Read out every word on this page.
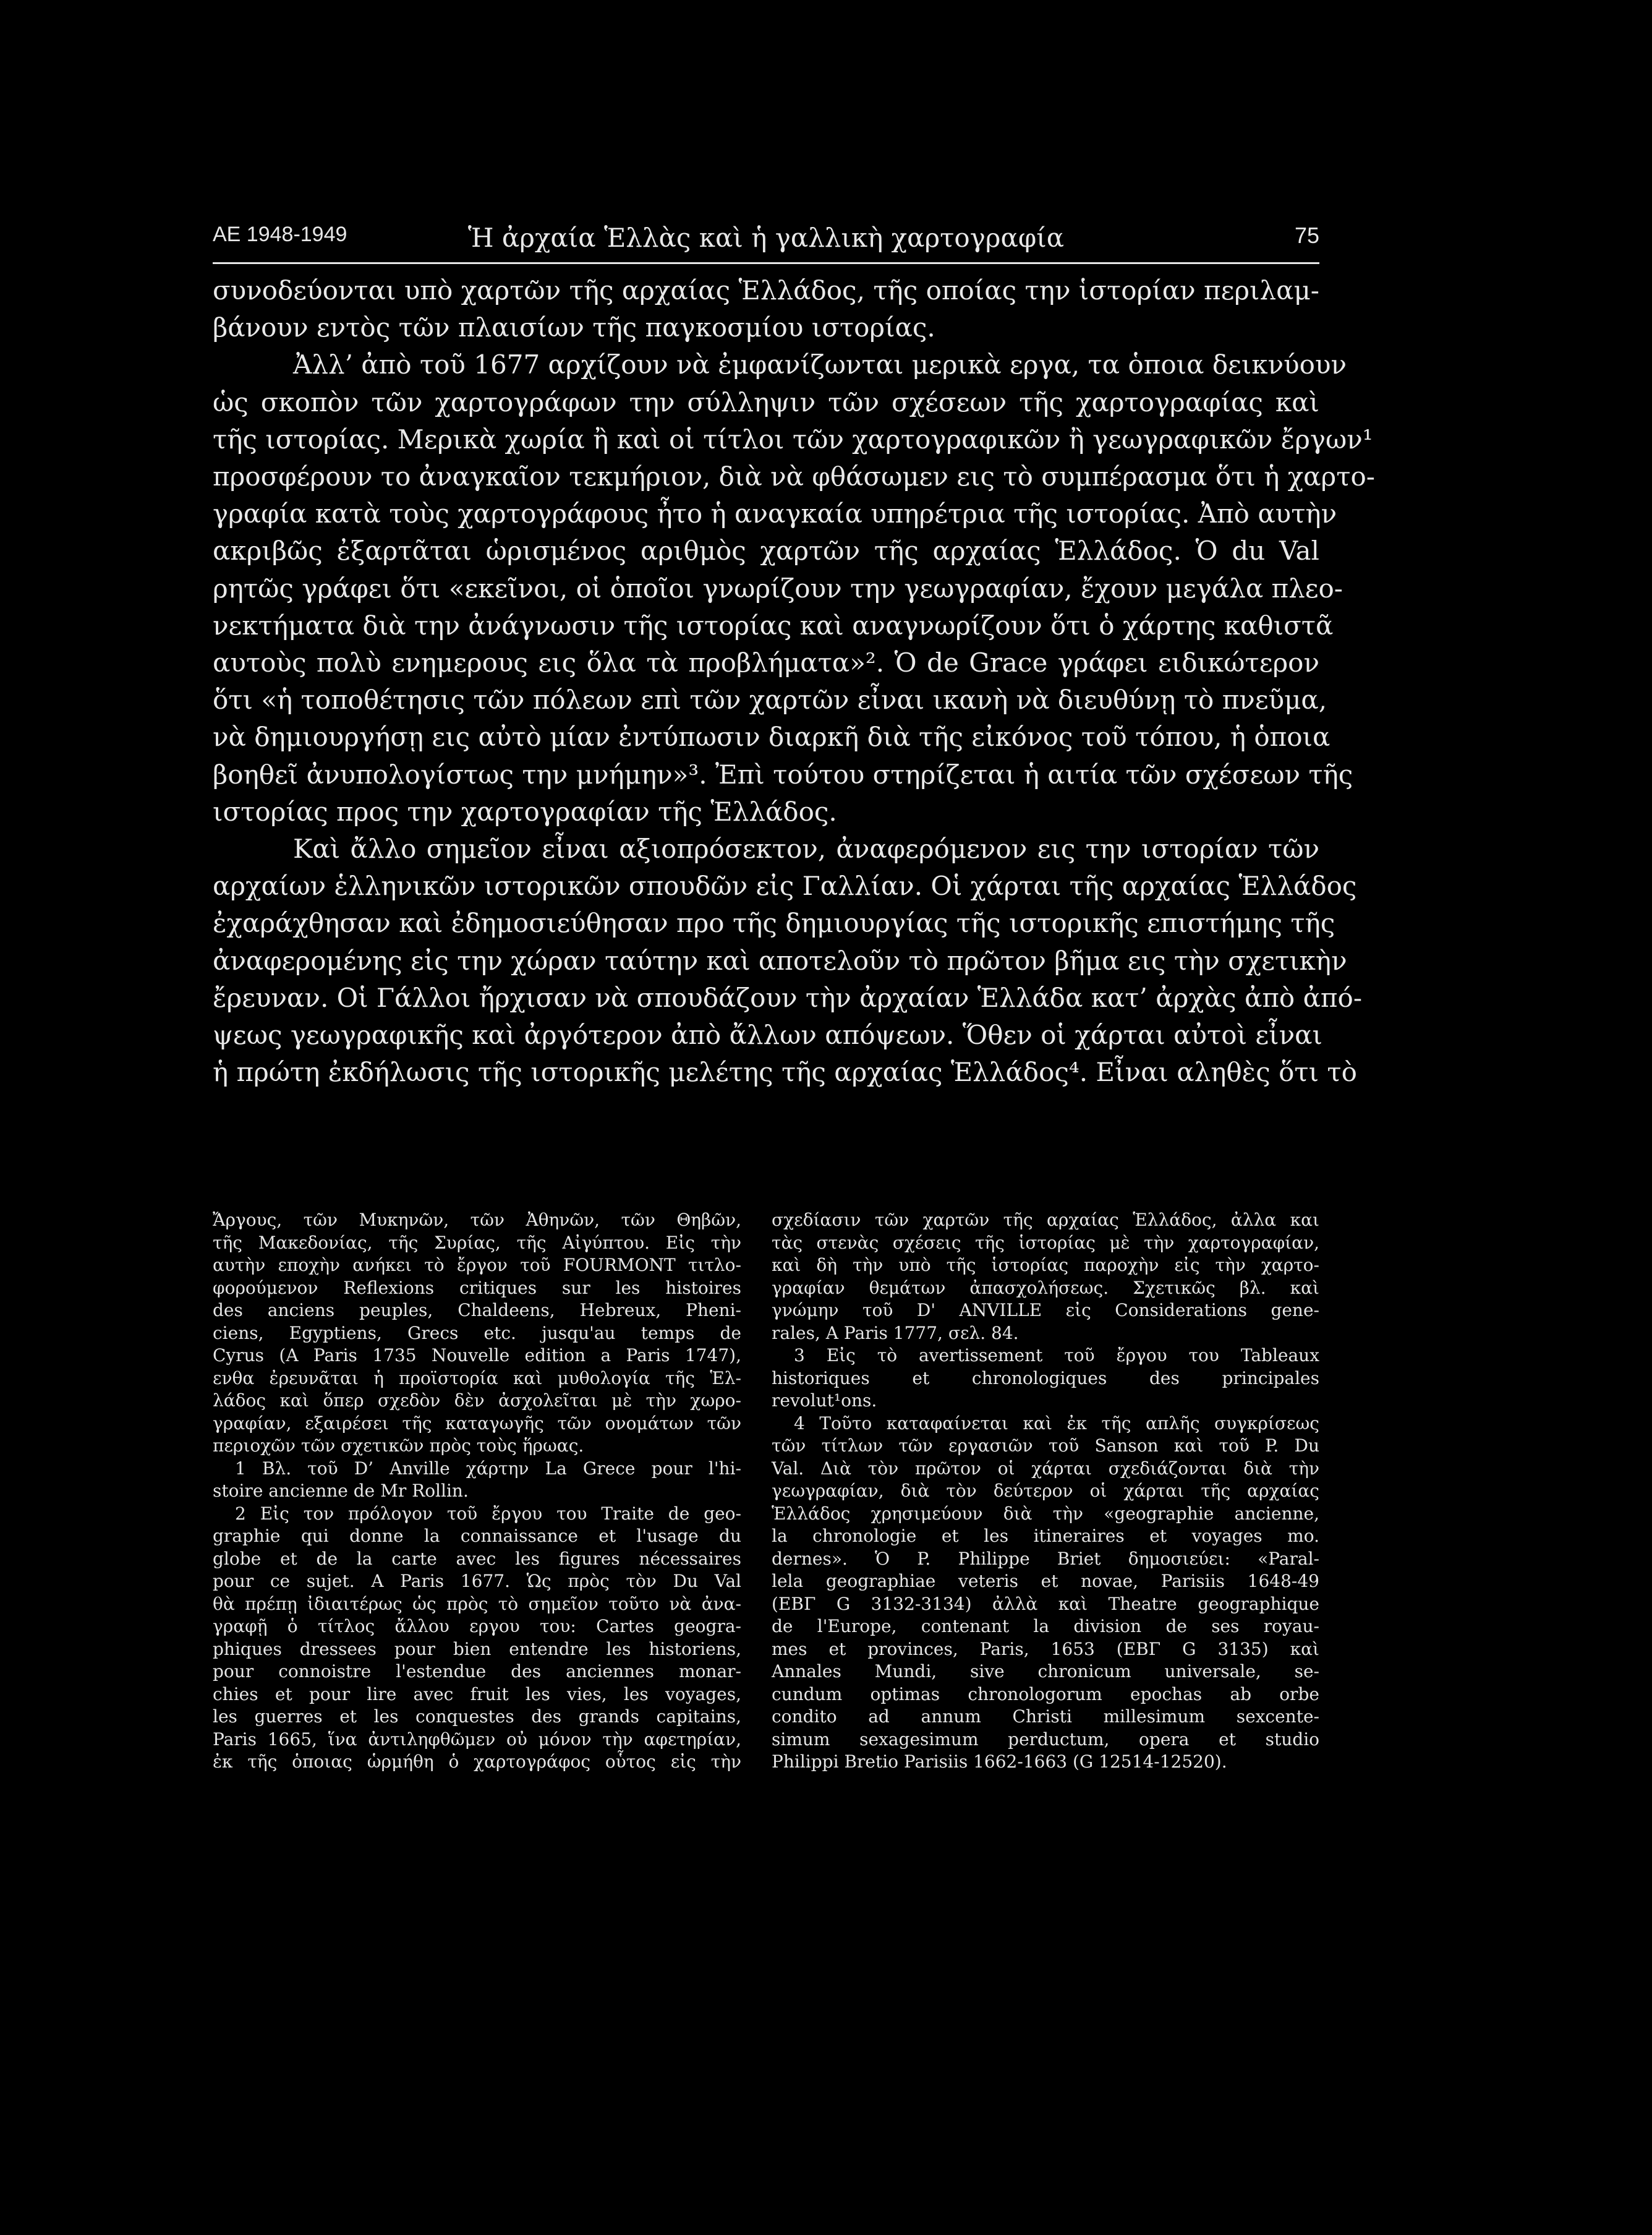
ΑΕ 1948-1949	Ἡ ἀρχαία Ἑλλὰς καὶ ἡ γαλλικὴ χαρτογραφία	75
συνοδεύονται υπὸ χαρτῶν τῆς αρχαίας Ἑλλάδος, τῆς οποίας την ἱστορίαν περιλαμ-
βάνουν εντὸς τῶν πλαισίων τῆς παγκοσμίου ιστορίας.
Ἀλλ’ ἀπὸ τοῦ 1677 αρχίζουν νὰ ἐμφανίζωνται μερικὰ εργα, τα ὁποια δεικνύουν
ὡς σκοπὸν τῶν χαρτογράφων την σύλληψιν τῶν σχέσεων τῆς χαρτογραφίας καὶ
τῆς ιστορίας. Μερικὰ χωρία ἢ καὶ οἱ τίτλοι τῶν χαρτογραφικῶν ἢ γεωγραφικῶν ἔργων¹
προσφέρουν το ἀναγκαῖον τεκμήριον, διὰ νὰ φθάσωμεν εις τὸ συμπέρασμα ὅτι ἡ χαρτο-
γραφία κατὰ τοὺς χαρτογράφους ἦτο ἡ αναγκαία υπηρέτρια τῆς ιστορίας. Ἀπὸ αυτὴν
ακριβῶς ἐξαρτᾶται ὡρισμένος αριθμὸς χαρτῶν τῆς αρχαίας Ἑλλάδος. Ὁ du Val
ρητῶς γράφει ὅτι «εκεῖνοι, οἱ ὁποῖοι γνωρίζουν την γεωγραφίαν, ἔχουν μεγάλα πλεο-
νεκτήματα διὰ την ἀνάγνωσιν τῆς ιστορίας καὶ αναγνωρίζουν ὅτι ὁ χάρτης καθιστᾶ
αυτοὺς πολὺ ενημερους εις ὅλα τὰ προβλήματα»². Ὁ de Grace γράφει ειδικώτερον
ὅτι «ἡ τοποθέτησις τῶν πόλεων επὶ τῶν χαρτῶν εἶναι ικανὴ νὰ διευθύνῃ τὸ πνεῦμα,
νὰ δημιουργήσῃ εις αὐτὸ μίαν ἐντύπωσιν διαρκῆ διὰ τῆς εἰκόνος τοῦ τόπου, ἡ ὁποια
βοηθεῖ ἀνυπολογίστως την μνήμην»³. Ἐπὶ τούτου στηρίζεται ἡ αιτία τῶν σχέσεων τῆς
ιστορίας προς την χαρτογραφίαν τῆς Ἑλλάδος.
Καὶ ἄλλο σημεῖον εἶναι αξιοπρόσεκτον, ἀναφερόμενον εις την ιστορίαν τῶν
αρχαίων ἑλληνικῶν ιστορικῶν σπουδῶν εἰς Γαλλίαν. Οἱ χάρται τῆς αρχαίας Ἑλλάδος
ἐχαράχθησαν καὶ ἐδημοσιεύθησαν προ τῆς δημιουργίας τῆς ιστορικῆς επιστήμης τῆς
ἀναφερομένης εἰς την χώραν ταύτην καὶ αποτελοῦν τὸ πρῶτον βῆμα εις τὴν σχετικὴν
ἔρευναν. Οἱ Γάλλοι ἤρχισαν νὰ σπουδάζουν τὴν ἀρχαίαν Ἑλλάδα κατ’ ἀρχὰς ἀπὸ ἀπό-
ψεως γεωγραφικῆς καὶ ἀργότερον ἀπὸ ἄλλων απόψεων. Ὅθεν οἱ χάρται αὐτοὶ εἶναι
ἡ πρώτη ἐκδήλωσις τῆς ιστορικῆς μελέτης τῆς αρχαίας Ἑλλάδος⁴. Εἶναι αληθὲς ὅτι τὸ
Ἄργους, τῶν Μυκηνῶν, τῶν Ἀθηνῶν, τῶν Θηβῶν,
τῆς Μακεδονίας, τῆς Συρίας, τῆς Αἰγύπτου. Εἰς τὴν
αυτὴν εποχὴν ανήκει τὸ ἔργον τοῦ FOURMONT τιτλο-
φορούμενον Reflexions critiques sur les histoires
des anciens peuples, Chaldeens, Hebreux, Pheni-
ciens, Egyptiens, Grecs etc. jusqu'au temps de
Cyrus (A Paris 1735 Nouvelle edition a Paris 1747),
ενθα ἐρευνᾶται ἡ προϊστορία καὶ μυθολογία τῆς Ἑλ-
λάδος καὶ ὅπερ σχεδὸν δὲν ἀσχολεῖται μὲ τὴν χωρο-
γραφίαν, εξαιρέσει τῆς καταγωγῆς τῶν ονομάτων τῶν
περιοχῶν τῶν σχετικῶν πρὸς τοὺς ἥρωας.
1 Βλ. τοῦ D’ Anville χάρτην La Grece pour l'hi-
stoire ancienne de Mr Rollin.
2 Εἰς τον πρόλογον τοῦ ἔργου του Traite de geo-
graphie qui donne la connaissance et l'usage du
globe et de la carte avec les figures nécessaires
pour ce sujet. A Paris 1677. Ὡς πρὸς τὸν Du Val
θὰ πρέπῃ ἰδιαιτέρως ὡς πρὸς τὸ σημεῖον τοῦτο νὰ ἀνα-
γραφῇ ὁ τίτλος ἄλλου εργου του: Cartes geogra-
phiques dressees pour bien entendre les historiens,
pour connoistre l'estendue des anciennes monar-
chies et pour lire avec fruit les vies, les voyages,
les guerres et les conquestes des grands capitains,
Paris 1665, ἵνα ἀντιληφθῶμεν οὐ μόνον τὴν αφετηρίαν,
ἐκ τῆς ὁποιας ὡρμήθη ὁ χαρτογράφος οὗτος εἰς τὴν
σχεδίασιν τῶν χαρτῶν τῆς αρχαίας Ἑλλάδος, ἀλλα και
τὰς στενὰς σχέσεις τῆς ἱστορίας μὲ τὴν χαρτογραφίαν,
καὶ δὴ τὴν υπὸ τῆς ἱστορίας παροχὴν εἰς τὴν χαρτο-
γραφίαν θεμάτων ἀπασχολήσεως. Σχετικῶς βλ. καὶ
γνώμην τοῦ D' ANVILLE εἰς Considerations gene-
rales, A Paris 1777, σελ. 84.
3 Εἰς τὸ avertissement τοῦ ἔργου του Tableaux
historiques et chronologiques des principales
revolut¹ons.
4 Τοῦτο καταφαίνεται καὶ ἐκ τῆς απλῆς συγκρίσεως
τῶν τίτλων τῶν εργασιῶν τοῦ Sanson καὶ τοῦ P. Du
Val. Διὰ τὸν πρῶτον οἱ χάρται σχεδιάζονται διὰ τὴν
γεωγραφίαν, διὰ τὸν δεύτερον οἱ χάρται τῆς αρχαίας
Ἑλλάδος χρησιμεύουν διὰ τὴν «geographie ancienne,
la chronologie et les itineraires et voyages mo.
dernes». Ὁ P. Philippe Briet δημοσιεύει: «Paral-
lela geographiae veteris et novae, Parisiis 1648-49
(ΕΒΓ G 3132-3134) ἀλλὰ καὶ Theatre geographique
de l'Europe, contenant la division de ses royau-
mes et provinces, Paris, 1653 (ΕΒΓ G 3135) καὶ
Annales Mundi, sive chronicum universale, se-
cundum optimas chronologorum epochas ab orbe
condito ad annum Christi millesimum sexcente-
simum sexagesimum perductum, opera et studio
Philippi Bretio Parisiis 1662-1663 (G 12514-12520).
